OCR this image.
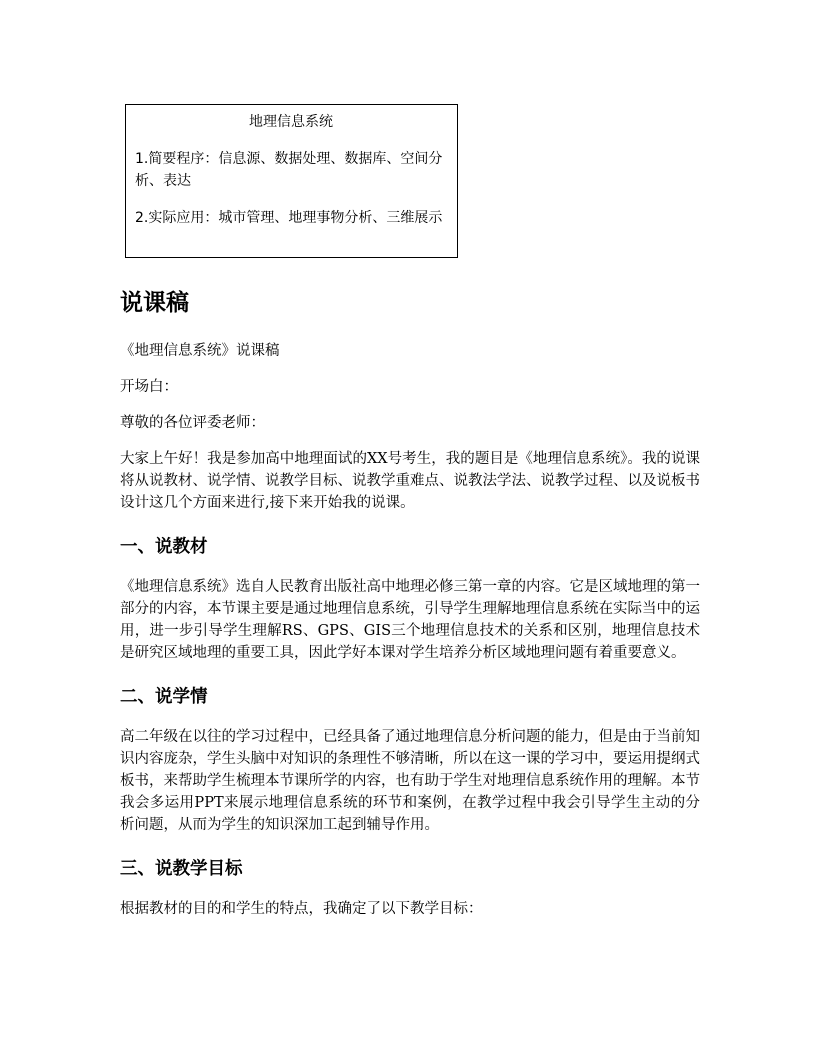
地理信息系统
1.简要程序：信息源、数据处理、数据库、空间分析、表达
2.实际应用：城市管理、地理事物分析、三维展示
说课稿

《地理信息系统》说课稿

开场白：

尊敬的各位评委老师：

大家上午好！我是参加高中地理面试的XX号考生，我的题目是《地理信息系统》。我的说课将从说教材、说学情、说教学目标、说教学重难点、说教法学法、说教学过程、以及说板书设计这几个方面来进行,接下来开始我的说课。

一、说教材

《地理信息系统》选自人民教育出版社高中地理必修三第一章的内容。它是区域地理的第一部分的内容，本节课主要是通过地理信息系统，引导学生理解地理信息系统在实际当中的运用，进一步引导学生理解RS、GPS、GIS三个地理信息技术的关系和区别，地理信息技术是研究区域地理的重要工具，因此学好本课对学生培养分析区域地理问题有着重要意义。

二、说学情

高二年级在以往的学习过程中，已经具备了通过地理信息分析问题的能力，但是由于当前知识内容庞杂，学生头脑中对知识的条理性不够清晰，所以在这一课的学习中，要运用提纲式板书，来帮助学生梳理本节课所学的内容，也有助于学生对地理信息系统作用的理解。本节我会多运用PPT来展示地理信息系统的环节和案例，在教学过程中我会引导学生主动的分析问题，从而为学生的知识深加工起到辅导作用。

三、说教学目标

根据教材的目的和学生的特点，我确定了以下教学目标：
